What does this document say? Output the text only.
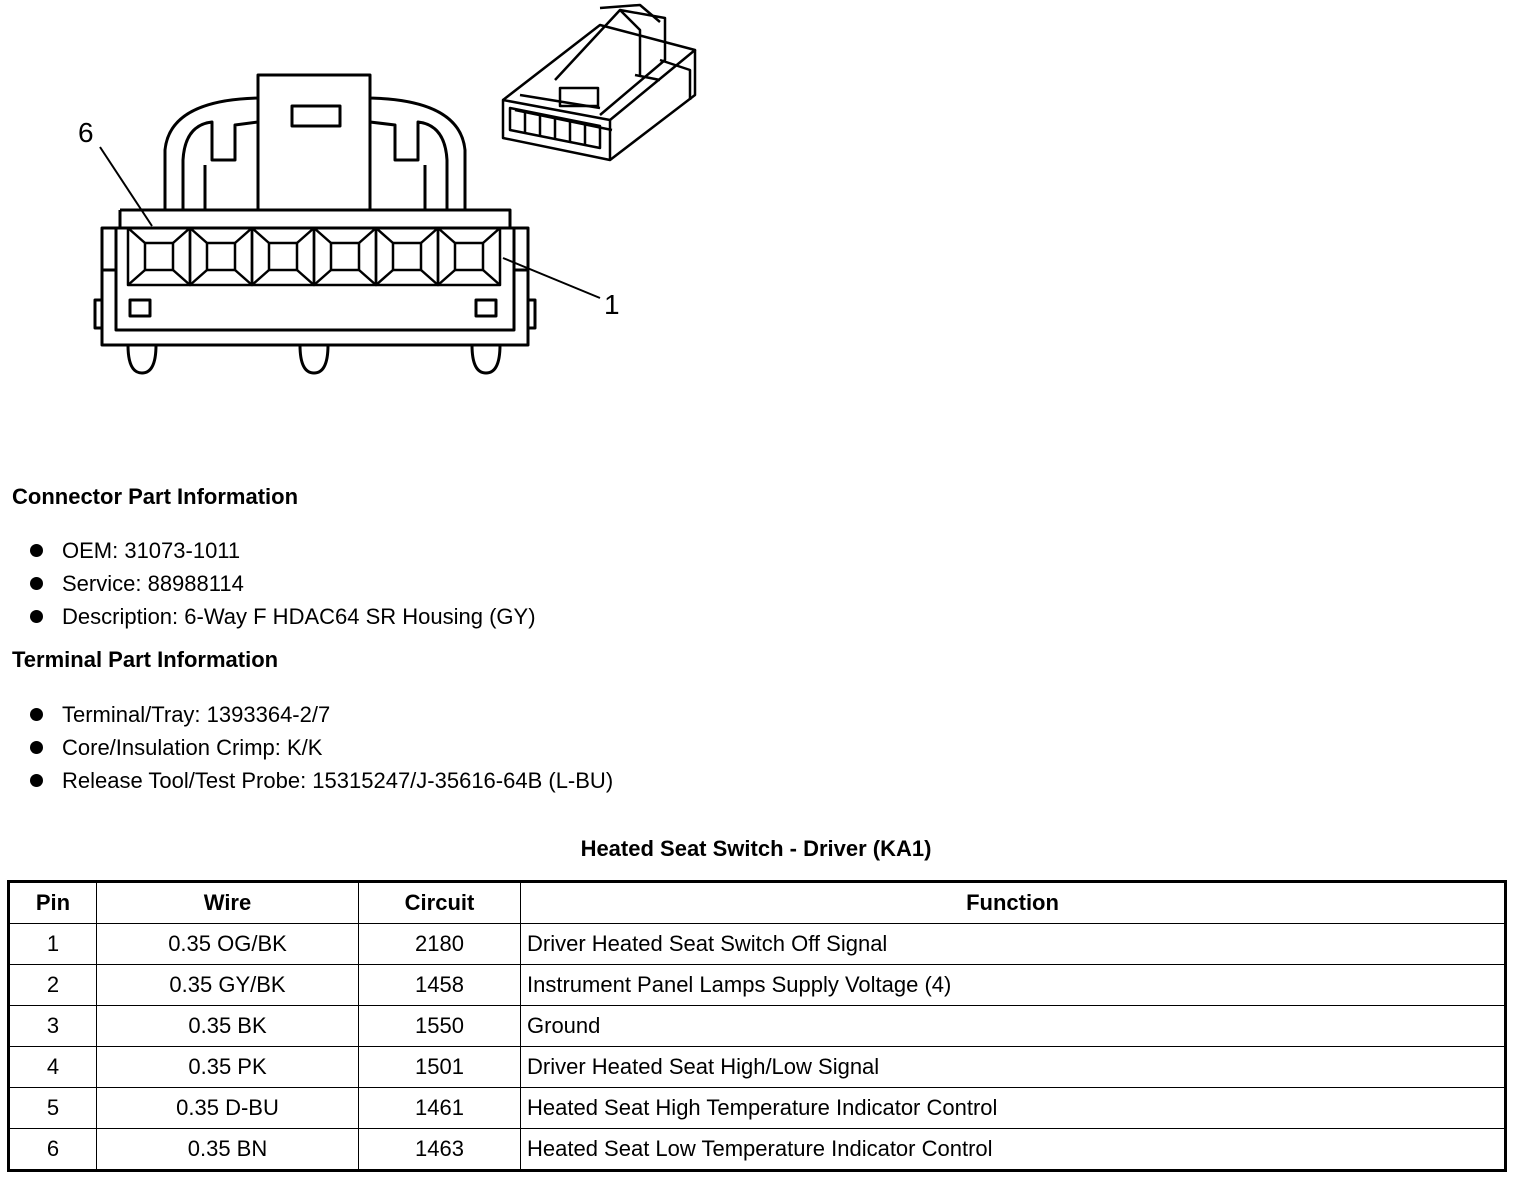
6
1
Connector Part Information
OEM: 31073-1011
Service: 88988114
Description: 6-Way F HDAC64 SR Housing (GY)
Terminal Part Information
Terminal/Tray: 1393364-2/7
Core/Insulation Crimp: K/K
Release Tool/Test Probe: 15315247/J-35616-64B (L-BU)
Heated Seat Switch - Driver (KA1)
Pin	Wire	Circuit	Function
1	0.35 OG/BK	2180	Driver Heated Seat Switch Off Signal
2	0.35 GY/BK	1458	Instrument Panel Lamps Supply Voltage (4)
3	0.35 BK	1550	Ground
4	0.35 PK	1501	Driver Heated Seat High/Low Signal
5	0.35 D-BU	1461	Heated Seat High Temperature Indicator Control
6	0.35 BN	1463	Heated Seat Low Temperature Indicator Control
